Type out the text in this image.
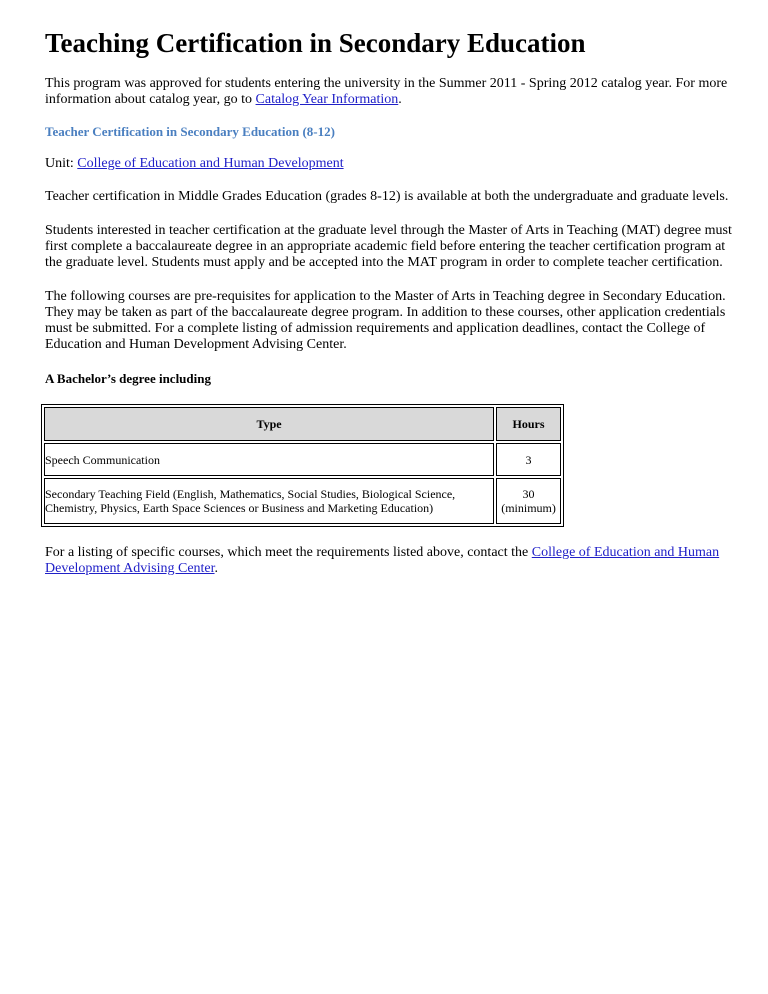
Teaching Certification in Secondary Education

This program was approved for students entering the university in the Summer 2011 - Spring 2012 catalog year. For more information about catalog year, go to Catalog Year Information.

Teacher Certification in Secondary Education (8-12)

Unit: College of Education and Human Development

Teacher certification in Middle Grades Education (grades 8-12) is available at both the undergraduate and graduate levels.

Students interested in teacher certification at the graduate level through the Master of Arts in Teaching (MAT) degree must first complete a baccalaureate degree in an appropriate academic field before entering the teacher certification program at the graduate level. Students must apply and be accepted into the MAT program in order to complete teacher certification.

The following courses are pre-requisites for application to the Master of Arts in Teaching degree in Secondary Education. They may be taken as part of the baccalaureate degree program. In addition to these courses, other application credentials must be submitted. For a complete listing of admission requirements and application deadlines, contact the College of Education and Human Development Advising Center.

A Bachelor’s degree including

Type	Hours
Speech Communication	3
Secondary Teaching Field (English, Mathematics, Social Studies, Biological Science, Chemistry, Physics, Earth Space Sciences or Business and Marketing Education)	30
(minimum)

For a listing of specific courses, which meet the requirements listed above, contact the College of Education and Human Development Advising Center.
